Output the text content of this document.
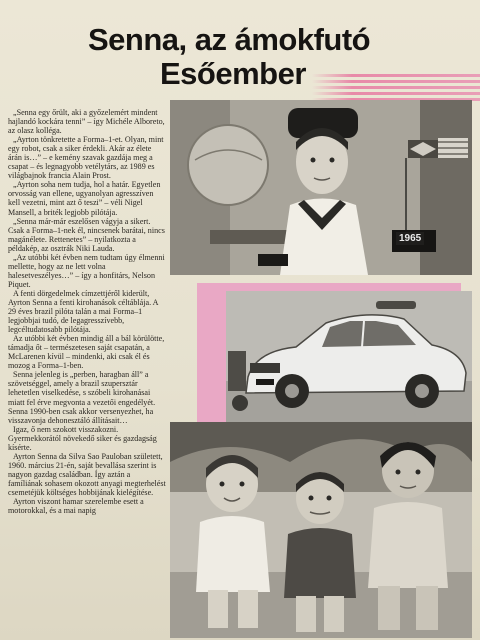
Senna, az ámokfutó
Esőember

„Senna egy őrült, aki a győzelemért mindent hajlandó kockára tenni” – így Michéle Alboreto, az olasz kolléga.

„Ayrton tönkretette a Forma–1-et. Olyan, mint egy robot, csak a siker érdekli. Akár az élete árán is…” – e kemény szavak gazdája meg a csapat – és legnagyobb vetélytárs, az 1989 es világbajnok francia Alain Prost.

„Ayrton soha nem tudja, hol a határ. Egyetlen orvosság van ellene, ugyanolyan agresszíven kell vezetni, mint azt ő teszi” – véli Nigel Mansell, a briték legjobb pilótája.

„Senna már-már eszelősen vágyja a sikert. Csak a Forma–1-nek él, nincsenek barátai, nincs magánélete. Rettenetes” – nyilatkozta a példakép, az osztrák Niki Lauda.

„Az utóbbi két évben nem tudtam úgy élmenni mellette, hogy az ne lett volna halesetveszélyes…” – így a honfitárs, Nelson Piquet.

A fenti dörgedelmek címzettjéről kiderült, Ayrton Senna a fenti kirohanások céltáblája. A 29 éves brazil pilóta talán a mai Forma–1 legjobbjai tudó, de legagresszívebb, legcéltudatosabb pilótája.

Az utóbbi két évben mindig áll a bál körülötte, támadja őt – természetesen saját csapatán, a McLarenen kívül – mindenki, aki csak él és mozog a Forma–1-ben.

Senna jelenleg is „perben, haragban áll” a szövetséggel, amely a brazil szupersztár lehetetlen viselkedése, s szóbeli kirohanásai miatt fel érve megvonta a vezetői engedélyét. Senna 1990-ben csak akkor versenyezhet, ha visszavonja dehonesztáló állításait…

Igaz, ő nem szokott visszakozni. Gyermekkorától növekedő siker és gazdagság kísérte.

Ayrton Senna da Silva Sao Pauloban született, 1960. március 21-én, saját bevallása szerint is nagyon gazdag családban. Így aztán a famíliának sohasem okozott anyagi megterhelést csemetéjük költséges hobbijának kielégítése.

Ayrton viszont hamar szerelembe esett a motorokkal, és a mai napig

1965
